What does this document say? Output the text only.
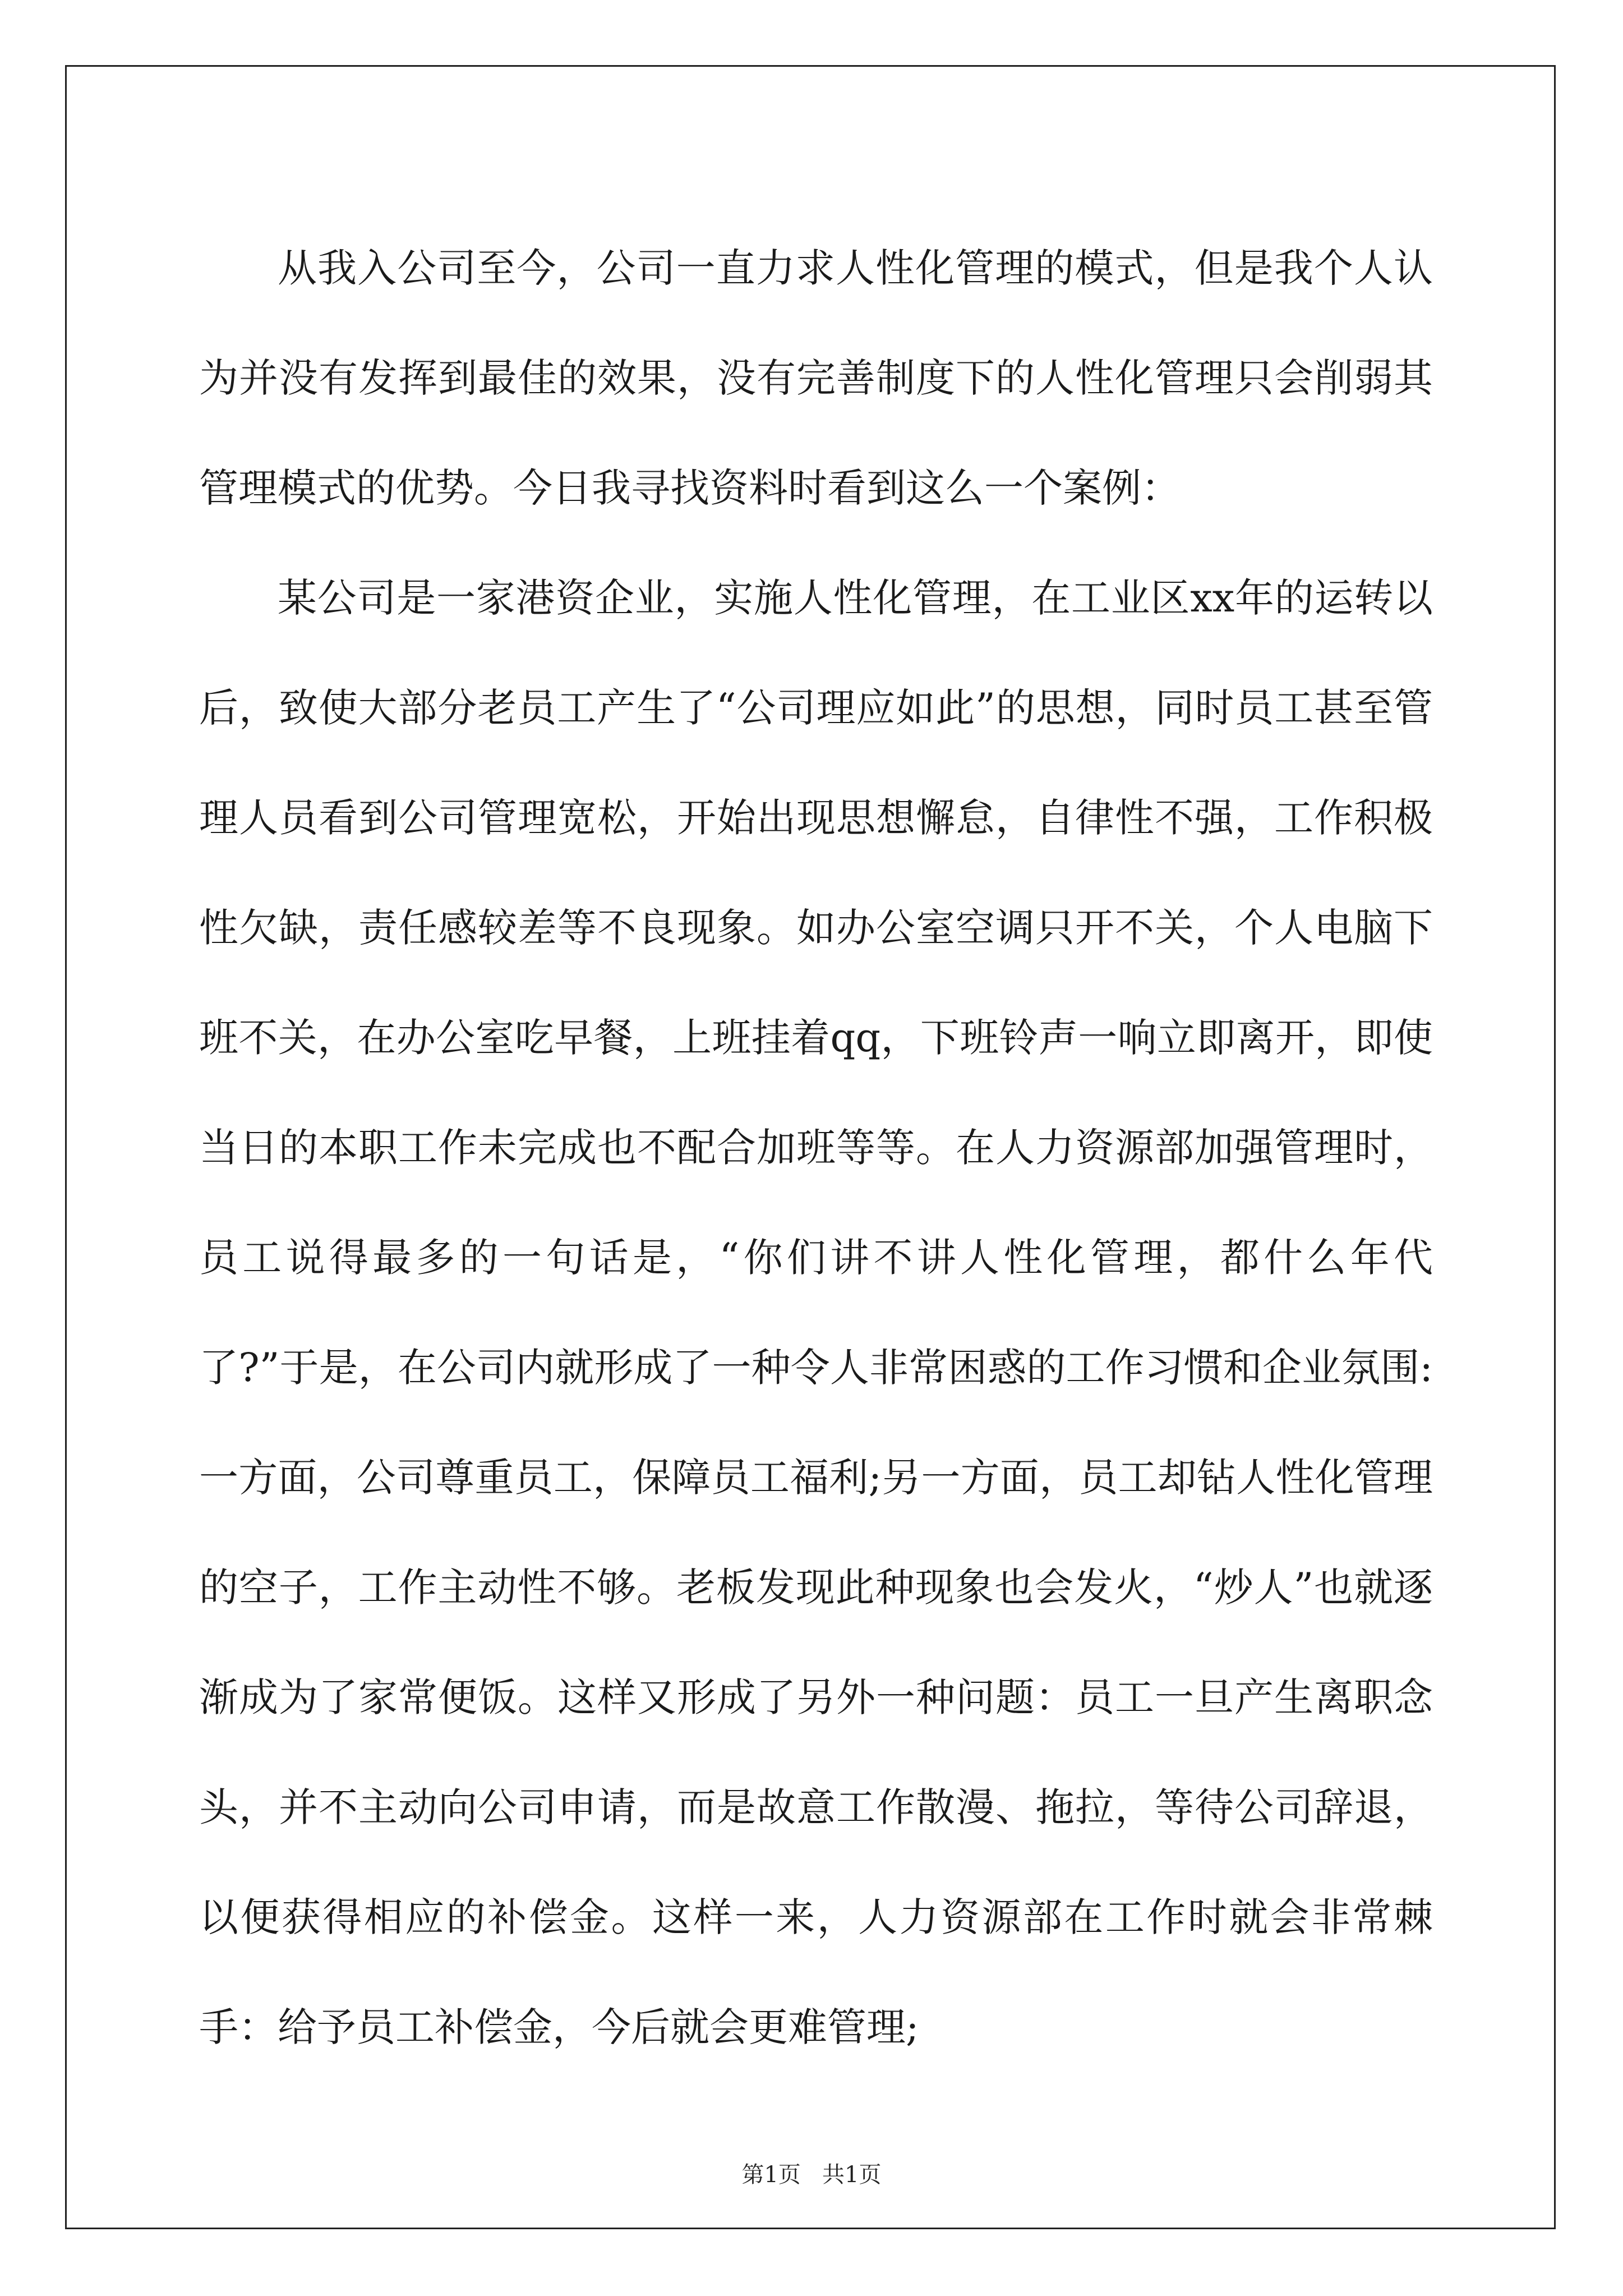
从我入公司至今，公司一直力求人性化管理的模式，但是我个人认为并没有发挥到最佳的效果，没有完善制度下的人性化管理只会削弱其管理模式的优势。今日我寻找资料时看到这么一个案例：

某公司是一家港资企业，实施人性化管理，在工业区xx年的运转以后，致使大部分老员工产生了“公司理应如此”的思想，同时员工甚至管理人员看到公司管理宽松，开始出现思想懈怠，自律性不强，工作积极性欠缺，责任感较差等不良现象。如办公室空调只开不关，个人电脑下班不关，在办公室吃早餐，上班挂着qq，下班铃声一响立即离开，即使当日的本职工作未完成也不配合加班等等。在人力资源部加强管理时，员工说得最多的一句话是，“你们讲不讲人性化管理，都什么年代了?”于是，在公司内就形成了一种令人非常困惑的工作习惯和企业氛围:一方面，公司尊重员工，保障员工福利;另一方面，员工却钻人性化管理的空子，工作主动性不够。老板发现此种现象也会发火，“炒人”也就逐渐成为了家常便饭。这样又形成了另外一种问题：员工一旦产生离职念头，并不主动向公司申请，而是故意工作散漫、拖拉，等待公司辞退，以便获得相应的补偿金。这样一来，人力资源部在工作时就会非常棘手：给予员工补偿金，今后就会更难管理;

第1页   共1页
